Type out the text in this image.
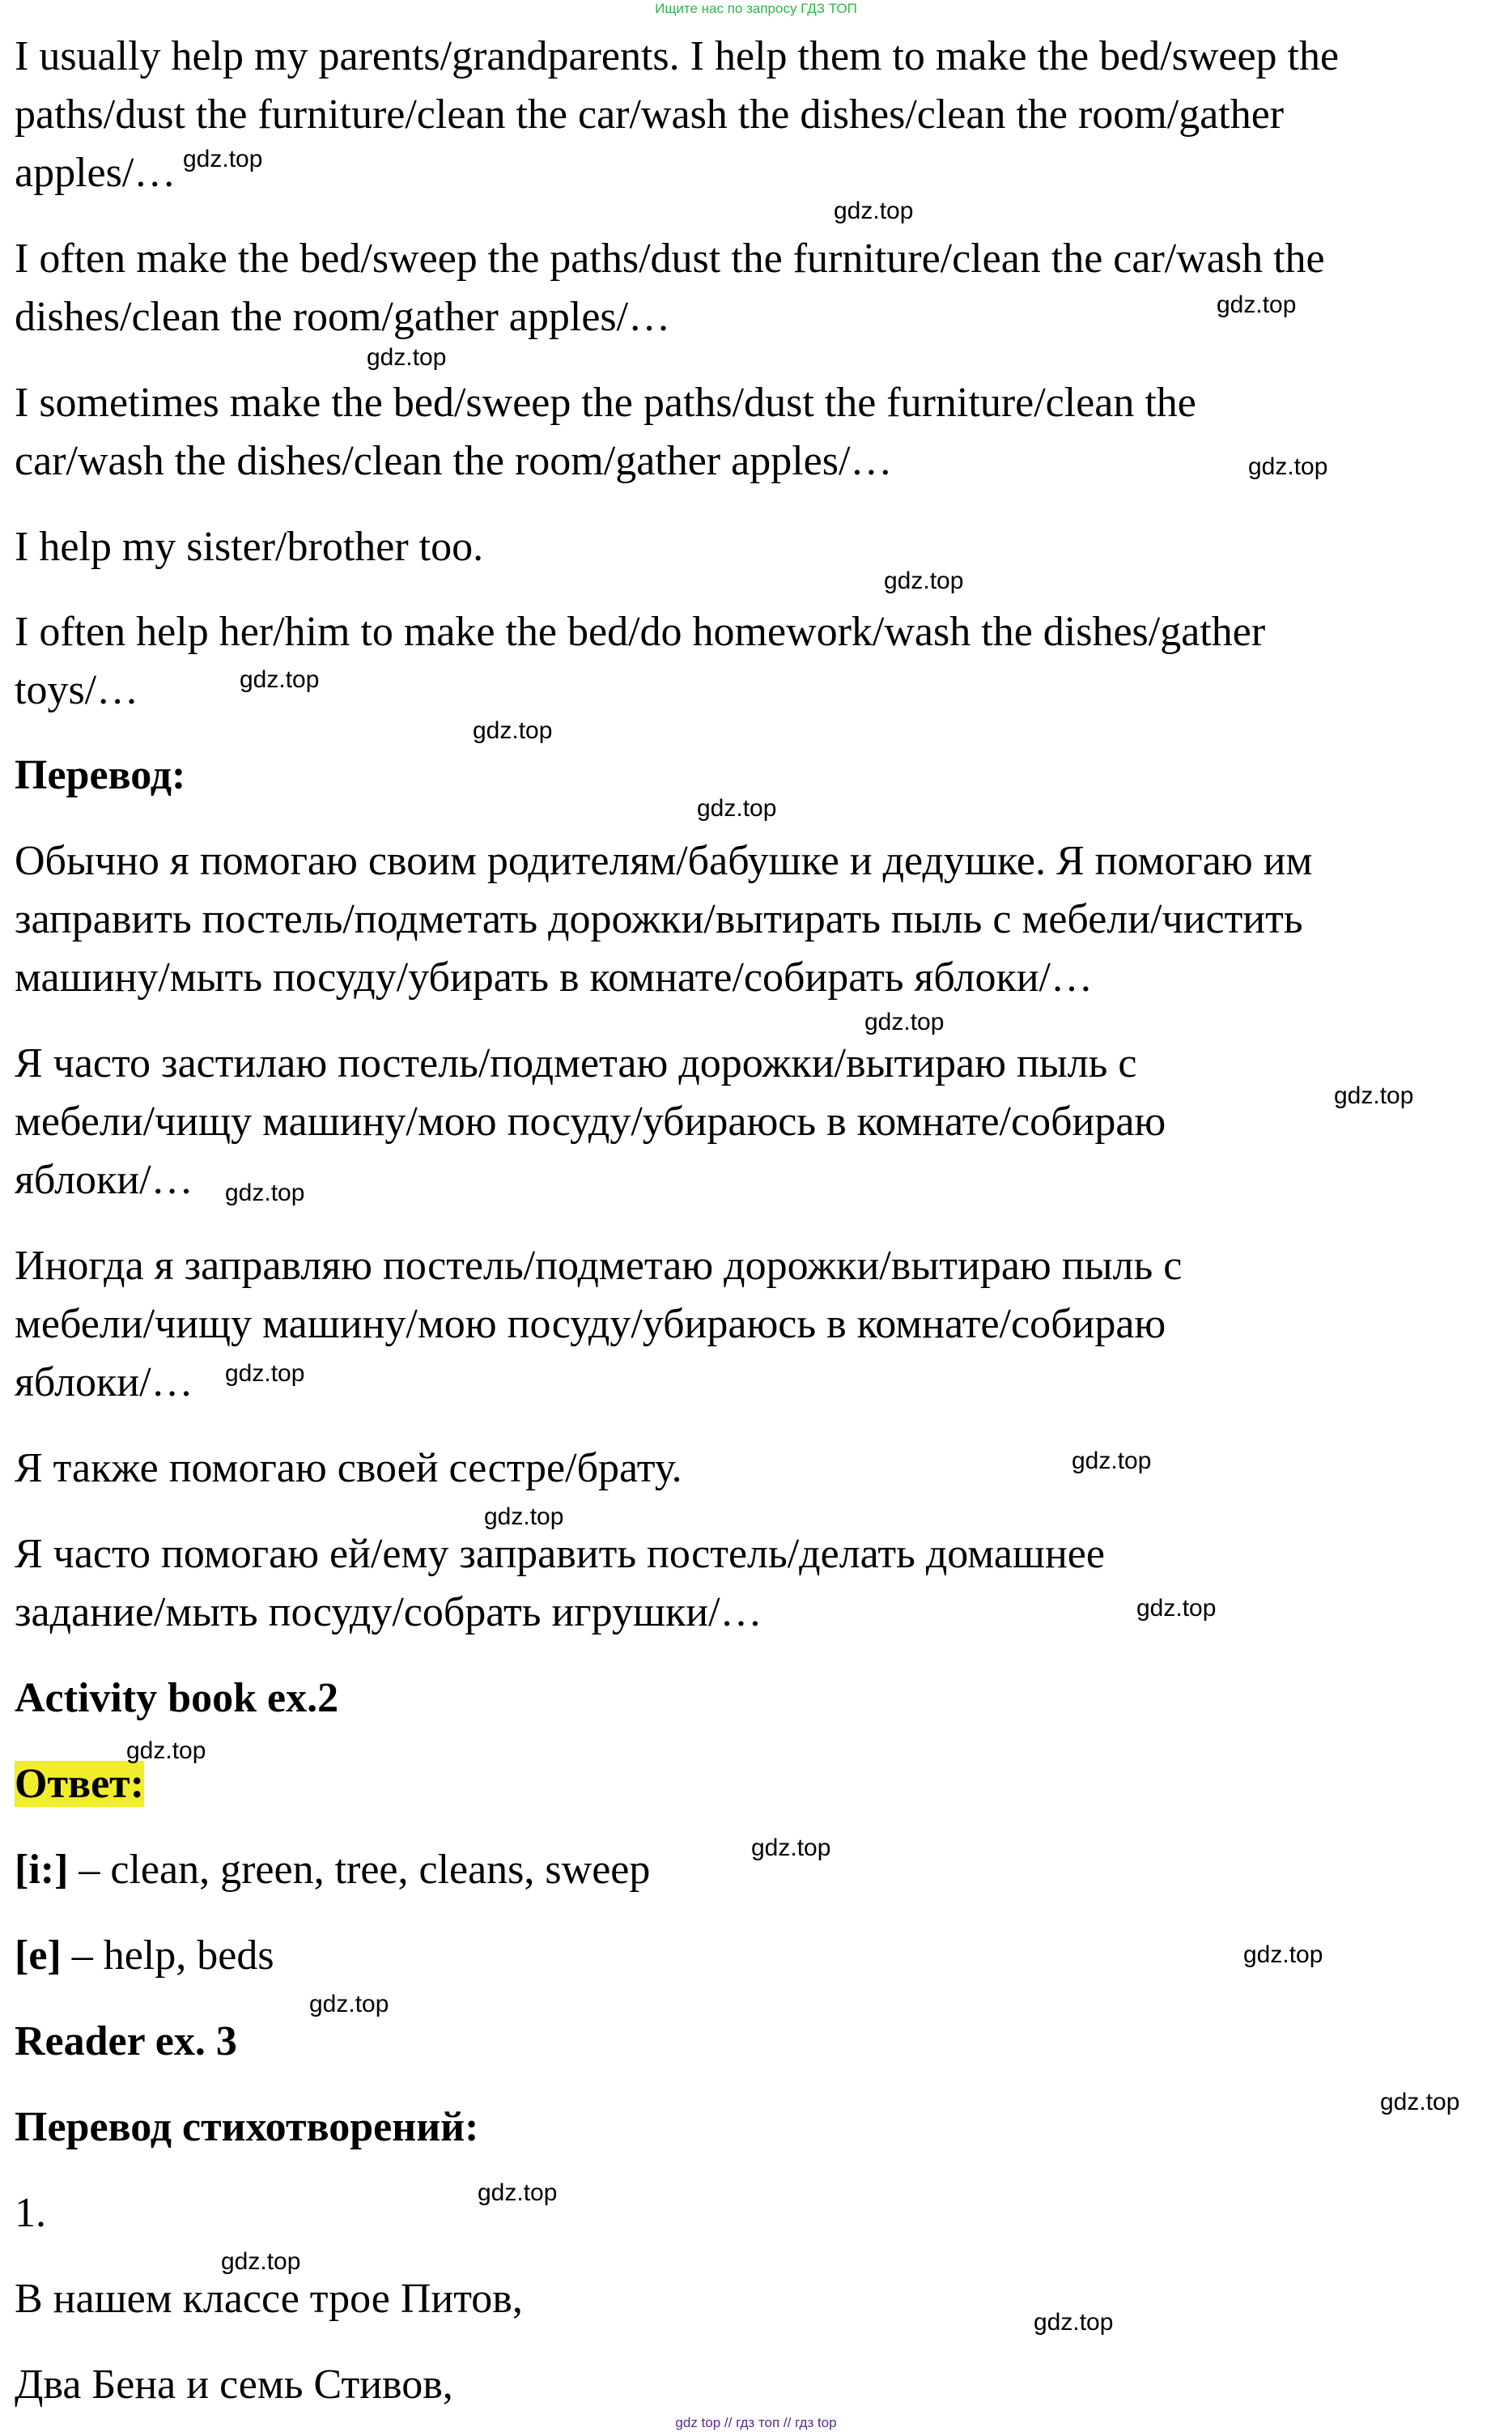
Ищите нас по запросу ГДЗ ТОП
I usually help my parents/grandparents. I help them to make the bed/sweep the
paths/dust the furniture/clean the car/wash the dishes/clean the room/gather
apples/…
I often make the bed/sweep the paths/dust the furniture/clean the car/wash the
dishes/clean the room/gather apples/…
I sometimes make the bed/sweep the paths/dust the furniture/clean the
car/wash the dishes/clean the room/gather apples/…
I help my sister/brother too.
I often help her/him to make the bed/do homework/wash the dishes/gather
toys/…
Перевод:
Обычно я помогаю своим родителям/бабушке и дедушке. Я помогаю им
заправить постель/подметать дорожки/вытирать пыль с мебели/чистить
машину/мыть посуду/убирать в комнате/собирать яблоки/…
Я часто застилаю постель/подметаю дорожки/вытираю пыль с
мебели/чищу машину/мою посуду/убираюсь в комнате/собираю
яблоки/…
Иногда я заправляю постель/подметаю дорожки/вытираю пыль с
мебели/чищу машину/мою посуду/убираюсь в комнате/собираю
яблоки/…
Я также помогаю своей сестре/брату.
Я часто помогаю ей/ему заправить постель/делать домашнее
задание/мыть посуду/собрать игрушки/…
Activity book ex.2
Ответ:
[i:] – clean, green, tree, cleans, sweep
[e] – help, beds
Reader ex. 3
Перевод стихотворений:
1.
В нашем классе трое Питов,
Два Бена и семь Стивов,
gdz.top
gdz.top
gdz.top
gdz.top
gdz.top
gdz.top
gdz.top
gdz.top
gdz.top
gdz.top
gdz.top
gdz.top
gdz.top
gdz.top
gdz.top
gdz.top
gdz.top
gdz.top
gdz.top
gdz.top
gdz.top
gdz.top
gdz.top
gdz.top
gdz top // гдз топ // гдз top
